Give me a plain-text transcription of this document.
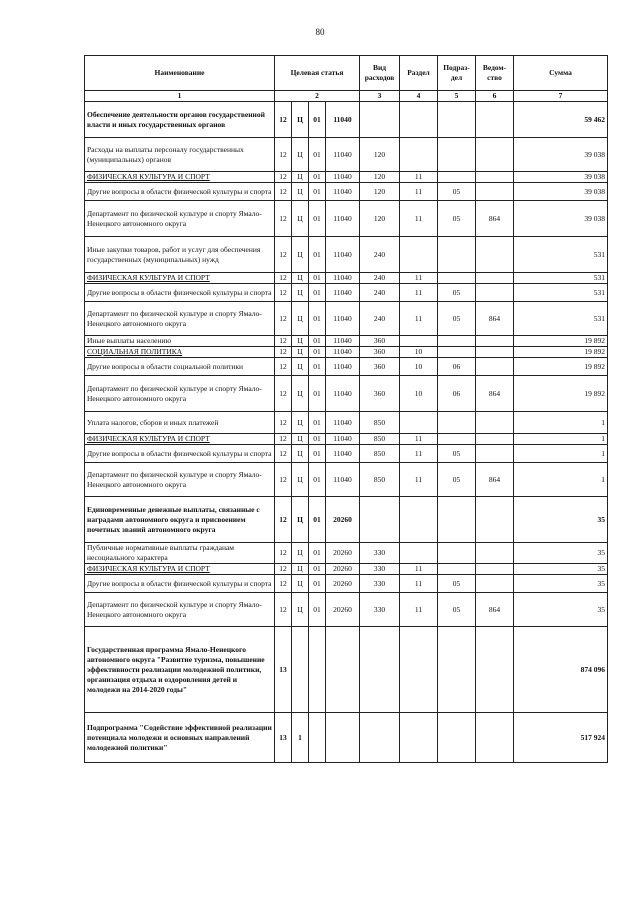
80
Наименование	Целевая статья				Вид расходов	Раздел	Подраз-дел	Ведом-ство	Сумма
1	2				3	4	5	6	7
Обеспечение деятельности органов государственной власти и иных государственных органов	12	Ц	01	11040					59 462
Расходы на выплаты персоналу государственных (муниципальных) органов	12	Ц	01	11040	120				39 038
ФИЗИЧЕСКАЯ КУЛЬТУРА И СПОРТ	12	Ц	01	11040	120	11			39 038
Другие вопросы в области физической культуры и спорта	12	Ц	01	11040	120	11	05		39 038
Департамент по физической культуре и спорту Ямало-Ненецкого автономного округа	12	Ц	01	11040	120	11	05	864	39 038
Иные закупки товаров, работ и услуг для обеспечения государственных (муниципальных) нужд	12	Ц	01	11040	240				531
ФИЗИЧЕСКАЯ КУЛЬТУРА И СПОРТ	12	Ц	01	11040	240	11			531
Другие вопросы в области физической культуры и спорта	12	Ц	01	11040	240	11	05		531
Департамент по физической культуре и спорту Ямало-Ненецкого автономного округа	12	Ц	01	11040	240	11	05	864	531
Иные выплаты населению	12	Ц	01	11040	360				19 892
СОЦИАЛЬНАЯ ПОЛИТИКА	12	Ц	01	11040	360	10			19 892
Другие вопросы в области социальной политики	12	Ц	01	11040	360	10	06		19 892
Департамент по физической культуре и спорту Ямало-Ненецкого автономного округа	12	Ц	01	11040	360	10	06	864	19 892
Уплата налогов, сборов и иных платежей	12	Ц	01	11040	850				1
ФИЗИЧЕСКАЯ КУЛЬТУРА И СПОРТ	12	Ц	01	11040	850	11			1
Другие вопросы в области физической культуры и спорта	12	Ц	01	11040	850	11	05		1
Департамент по физической культуре и спорту Ямало-Ненецкого автономного округа	12	Ц	01	11040	850	11	05	864	1
Единовременные денежные выплаты, связанные с наградами автономного округа и присвоением почетных званий автономного округа	12	Ц	01	20260					35
Публичные нормативные выплаты гражданам несоциального характера	12	Ц	01	20260	330				35
ФИЗИЧЕСКАЯ КУЛЬТУРА И СПОРТ	12	Ц	01	20260	330	11			35
Другие вопросы в области физической культуры и спорта	12	Ц	01	20260	330	11	05		35
Департамент по физической культуре и спорту Ямало-Ненецкого автономного округа	12	Ц	01	20260	330	11	05	864	35
Государственная программа Ямало-Ненецкого автономного округа "Развитие туризма, повышение эффективности реализации молодежной политики, организация отдыха и оздоровления детей и молодежи на 2014-2020 годы"	13								874 096
Подпрограмма "Содействие эффективной реализации потенциала молодежи и основных направлений молодежной политики"	13	1							517 924
